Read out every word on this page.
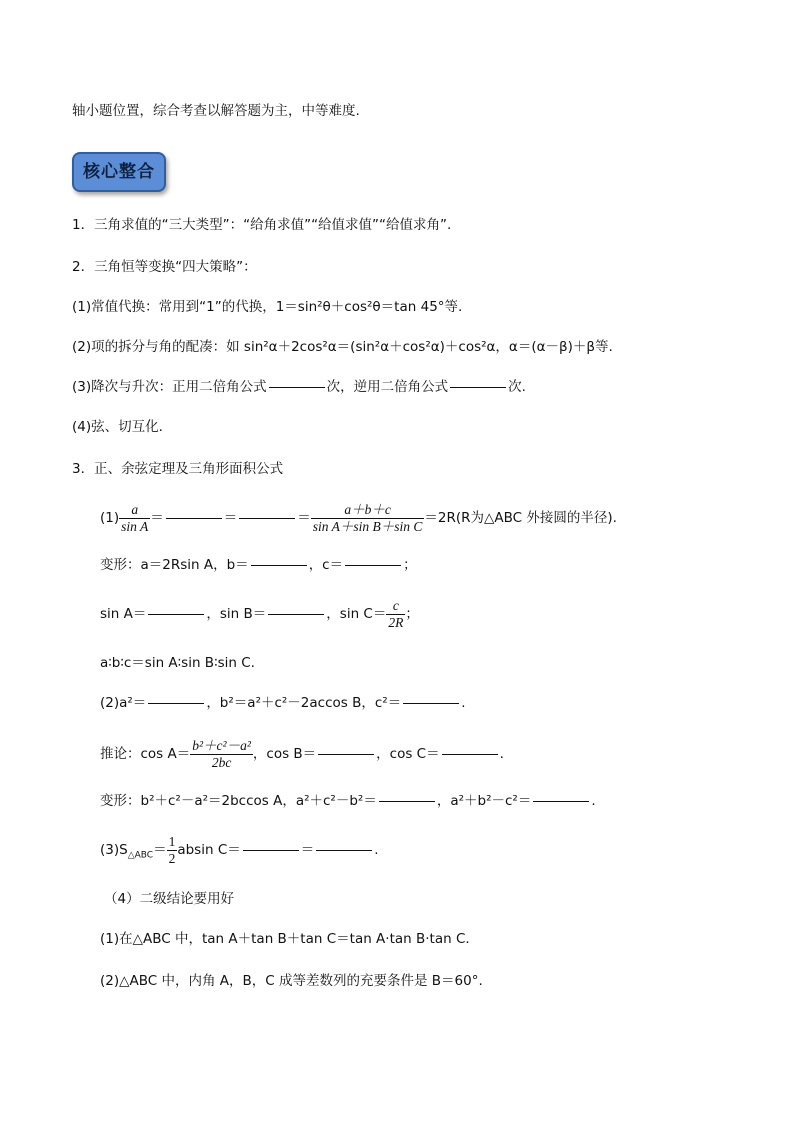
轴小题位置，综合考查以解答题为主，中等难度.
核心整合
1．三角求值的“三大类型”：“给角求值”“给值求值”“给值求角”.
2．三角恒等变换“四大策略”：
(1)常值代换：常用到“1”的代换，1＝sin²θ＋cos²θ＝tan 45°等.
(2)项的拆分与角的配凑：如 sin²α＋2cos²α＝(sin²α＋cos²α)＋cos²α，α＝(α－β)＋β等.
(3)降次与升次：正用二倍角公式	次，逆用二倍角公式	次.
(4)弦、切互化.
3．正、余弦定理及三角形面积公式
$(1) \frac{a}{\text{sin A}}$ ＝	＝	＝ $\frac{a+b+c}{\text{sin A＋sin B＋sin C}} =2R(R$为△ABC 外接圆的半径).
变形：a＝2Rsin A，b＝	，c＝	；
sin A＝	，sin B＝	，$\sin C= \frac{c}{2R}$ ；
a∶b∶c＝sin A∶sin B∶sin C.
(2)a²＝	，b²＝a²＋c²－2accos B，c²＝	.
推论：$\cos A= \frac{\text{b²＋c²－a²}}{2bc}$ ，cos B＝	，cos C＝	.
变形：b²＋c²－a²＝2bccos A，a²＋c²－b²＝	，a²＋b²－c²＝	.
$(3)S_{\triangle ABC}= \frac{1}{2}$ absin C＝	＝	.
（4）二级结论要用好
(1)在△ABC 中，tan A＋tan B＋tan C＝tan A·tan B·tan C.
(2)△ABC 中，内角 A，B，C 成等差数列的充要条件是 B＝60°.
